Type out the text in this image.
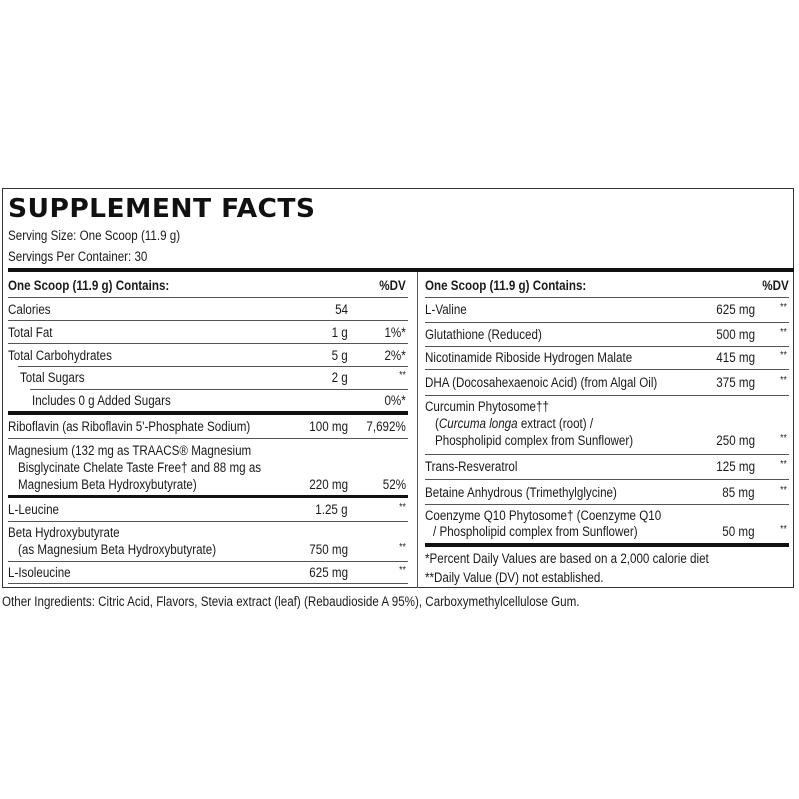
SUPPLEMENT FACTS
Serving Size: One Scoop (11.9 g)
Servings Per Container: 30
One Scoop (11.9 g) Contains:	%DV
Calories	54
Total Fat	1 g	1%*
Total Carbohydrates	5 g	2%*
Total Sugars	2 g	**
Includes 0 g Added Sugars	0%*
Riboflavin (as Riboflavin 5'-Phosphate Sodium)	100 mg	7,692%
Magnesium (132 mg as TRAACS® Magnesium
Bisglycinate Chelate Taste Free† and 88 mg as
Magnesium Beta Hydroxybutyrate)	220 mg	52%
L-Leucine	1.25 g	**
Beta Hydroxybutyrate
(as Magnesium Beta Hydroxybutyrate)	750 mg	**
L-Isoleucine	625 mg	**
One Scoop (11.9 g) Contains:	%DV
L-Valine	625 mg	**
Glutathione (Reduced)	500 mg	**
Nicotinamide Riboside Hydrogen Malate	415 mg	**
DHA (Docosahexaenoic Acid) (from Algal Oil)	375 mg	**
Curcumin Phytosome††
(Curcuma longa extract (root) /
Phospholipid complex from Sunflower)	250 mg	**
Trans-Resveratrol	125 mg	**
Betaine Anhydrous (Trimethylglycine)	85 mg	**
Coenzyme Q10 Phytosome† (Coenzyme Q10
/ Phospholipid complex from Sunflower)	50 mg	**
*Percent Daily Values are based on a 2,000 calorie diet
**Daily Value (DV) not established.
Other Ingredients: Citric Acid, Flavors, Stevia extract (leaf) (Rebaudioside A 95%), Carboxymethylcellulose Gum.
